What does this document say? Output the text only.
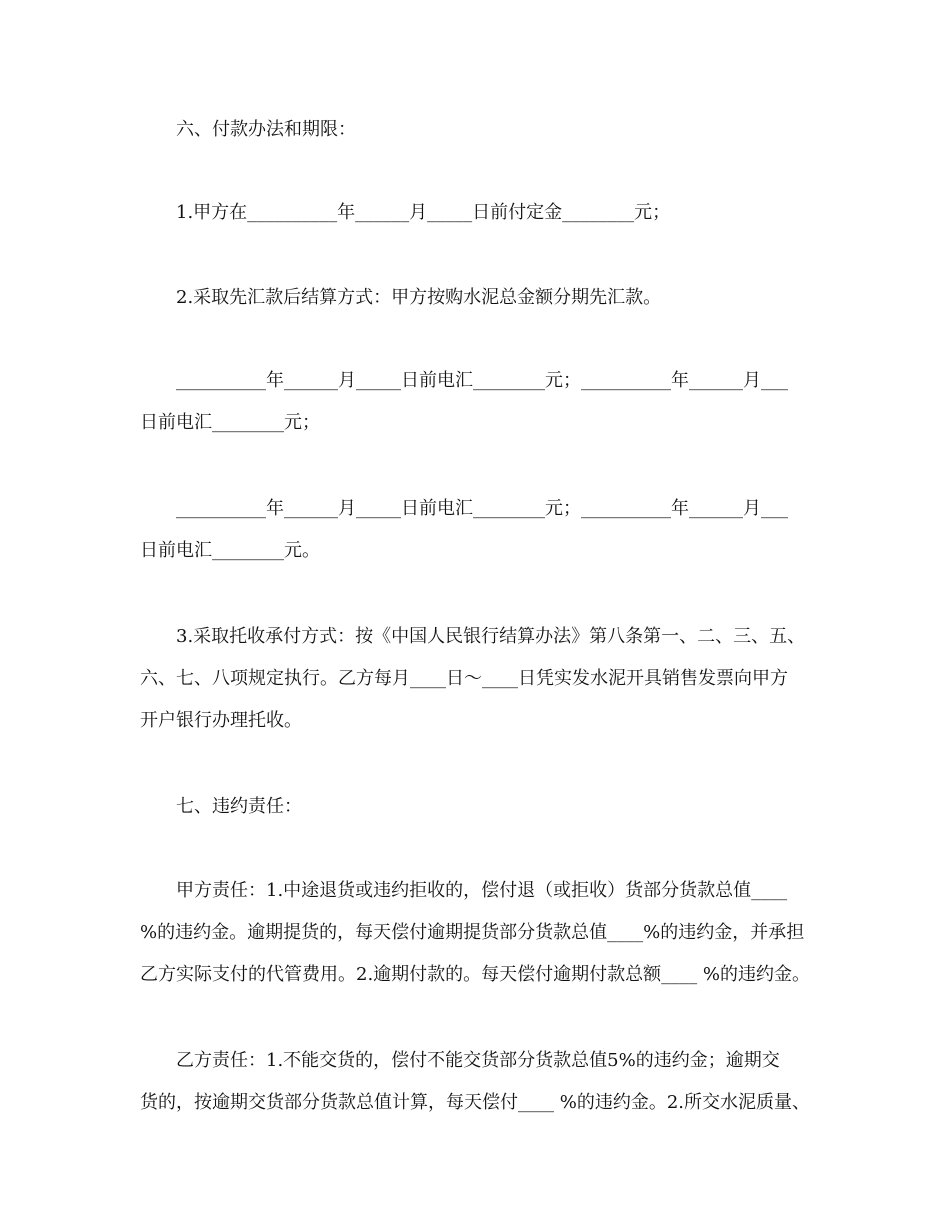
六、付款办法和期限：
1.甲方在__________年______月_____日前付定金________元；
2.采取先汇款后结算方式：甲方按购水泥总金额分期先汇款。
__________年______月_____日前电汇________元；__________年______月___
日前电汇________元；
__________年______月_____日前电汇________元；__________年______月___
日前电汇________元。
3.采取托收承付方式：按《中国人民银行结算办法》第八条第一、二、三、五、
六、七、八项规定执行。乙方每月____日～____日凭实发水泥开具销售发票向甲方
开户银行办理托收。
七、违约责任：
甲方责任：1.中途退货或违约拒收的，偿付退（或拒收）货部分货款总值____
%的违约金。逾期提货的，每天偿付逾期提货部分货款总值____%的违约金，并承担
乙方实际支付的代管费用。2.逾期付款的。每天偿付逾期付款总额____ %的违约金。
乙方责任：1.不能交货的，偿付不能交货部分货款总值5%的违约金；逾期交
货的，按逾期交货部分货款总值计算，每天偿付____ %的违约金。2.所交水泥质量、
